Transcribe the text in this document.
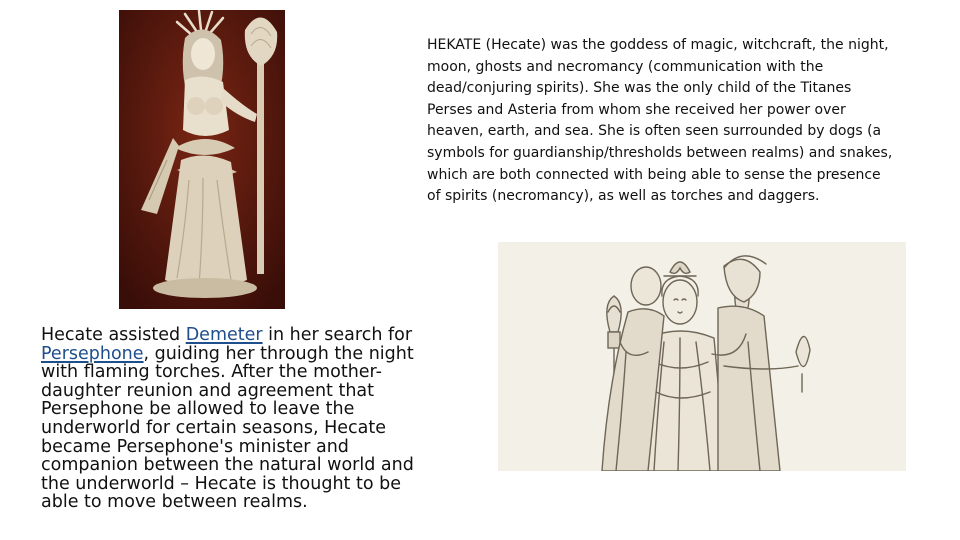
HEKATE (Hecate) was the goddess of magic, witchcraft, the night, moon, ghosts and necromancy (communication with the dead/conjuring spirits). She was the only child of the Titanes Perses and Asteria from whom she received her power over heaven, earth, and sea. She is often seen surrounded by dogs (a symbols for guardianship/thresholds between realms) and snakes, which are both connected with being able to sense the presence of spirits (necromancy), as well as torches and daggers.

Hecate assisted Demeter in her search for Persephone, guiding her through the night with flaming torches. After the mother-daughter reunion and agreement that Persephone be allowed to leave the underworld for certain seasons, Hecate became Persephone's minister and companion between the natural world and the underworld – Hecate is thought to be able to move between realms.
